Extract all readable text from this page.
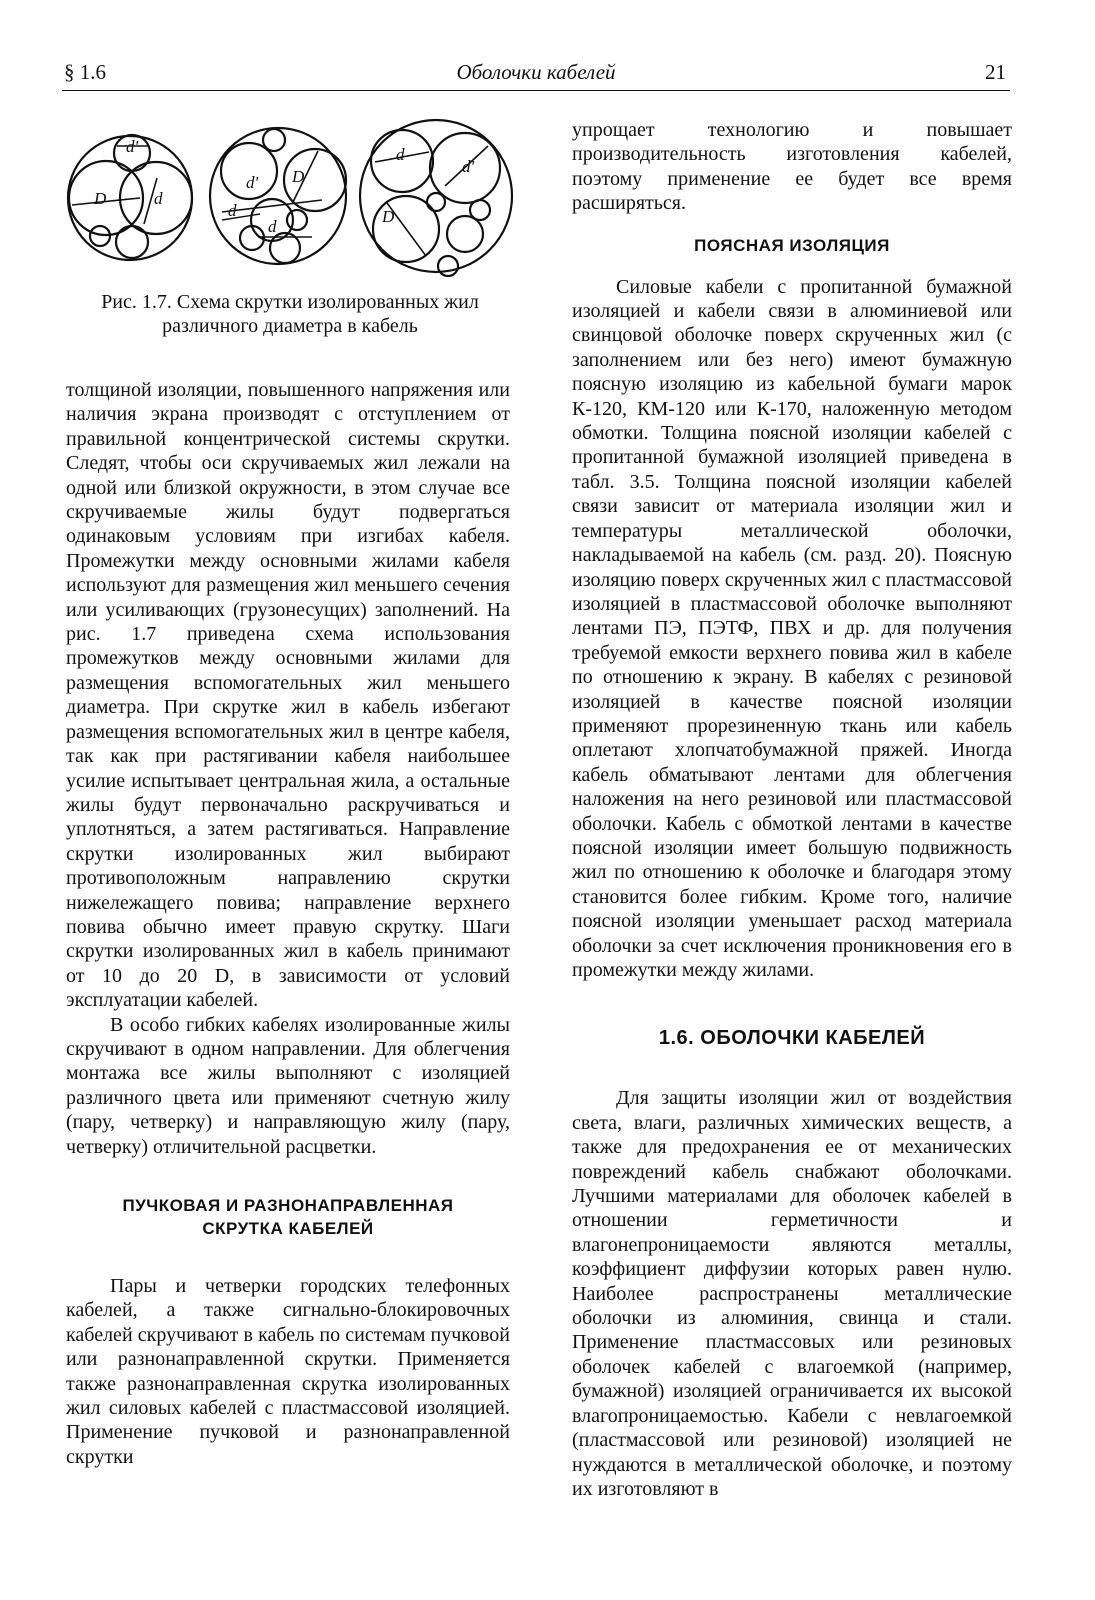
§ 1.6	Оболочки кабелей	21
d'
D	d
d
d' D
d
d
d'
D
Рис. 1.7. Схема скрутки изолированных жил
различного диаметра в кабель

толщиной изоляции, повышенного напряжения или наличия экрана производят с отступлением от правильной концентрической системы скрутки. Следят, чтобы оси скручиваемых жил лежали на одной или близкой окружности, в этом случае все скручиваемые жилы будут подвергаться одинаковым условиям при изгибах кабеля. Промежутки между основными жилами кабеля используют для размещения жил меньшего сечения или усиливающих (грузонесущих) заполнений. На рис. 1.7 приведена схема использования промежутков между основными жилами для размещения вспомогательных жил меньшего диаметра. При скрутке жил в кабель избегают размещения вспомогательных жил в центре кабеля, так как при растягивании кабеля наибольшее усилие испытывает центральная жила, а остальные жилы будут первоначально раскручиваться и уплотняться, а затем растягиваться. Направление скрутки изолированных жил выбирают противоположным направлению скрутки нижележащего повива; направление верхнего повива обычно имеет правую скрутку. Шаги скрутки изолированных жил в кабель принимают от 10 до 20 D, в зависимости от условий эксплуатации кабелей.

В особо гибких кабелях изолированные жилы скручивают в одном направлении. Для облегчения монтажа все жилы выполняют с изоляцией различного цвета или применяют счетную жилу (пару, четверку) и направляющую жилу (пару, четверку) отличительной расцветки.

ПУЧКОВАЯ И РАЗНОНАПРАВЛЕННАЯ
СКРУТКА КАБЕЛЕЙ

Пары и четверки городских телефонных кабелей, а также сигнально-блокировочных кабелей скручивают в кабель по системам пучковой или разнонаправленной скрутки. Применяется также разнонаправленная скрутка изолированных жил силовых кабелей с пластмассовой изоляцией. Применение пучковой и разнонаправленной скрутки

упрощает технологию и повышает производительность изготовления кабелей, поэтому применение ее будет все время расширяться.

ПОЯСНАЯ ИЗОЛЯЦИЯ

Силовые кабели с пропитанной бумажной изоляцией и кабели связи в алюминиевой или свинцовой оболочке поверх скрученных жил (с заполнением или без него) имеют бумажную поясную изоляцию из кабельной бумаги марок К-120, КМ-120 или К-170, наложенную методом обмотки. Толщина поясной изоляции кабелей с пропитанной бумажной изоляцией приведена в табл. 3.5. Толщина поясной изоляции кабелей связи зависит от материала изоляции жил и температуры металлической оболочки, накладываемой на кабель (см. разд. 20). Поясную изоляцию поверх скрученных жил с пластмассовой изоляцией в пластмассовой оболочке выполняют лентами ПЭ, ПЭТФ, ПВХ и др. для получения требуемой емкости верхнего повива жил в кабеле по отношению к экрану. В кабелях с резиновой изоляцией в качестве поясной изоляции применяют прорезиненную ткань или кабель оплетают хлопчатобумажной пряжей. Иногда кабель обматывают лентами для облегчения наложения на него резиновой или пластмассовой оболочки. Кабель с обмоткой лентами в качестве поясной изоляции имеет большую подвижность жил по отношению к оболочке и благодаря этому становится более гибким. Кроме того, наличие поясной изоляции уменьшает расход материала оболочки за счет исключения проникновения его в промежутки между жилами.

1.6. ОБОЛОЧКИ КАБЕЛЕЙ

Для защиты изоляции жил от воздействия света, влаги, различных химических веществ, а также для предохранения ее от механических повреждений кабель снабжают оболочками. Лучшими материалами для оболочек кабелей в отношении герметичности и влагонепроницаемости являются металлы, коэффициент диффузии которых равен нулю. Наиболее распространены металлические оболочки из алюминия, свинца и стали. Применение пластмассовых или резиновых оболочек кабелей с влагоемкой (например, бумажной) изоляцией ограничивается их высокой влагопроницаемостью. Кабели с невлагоемкой (пластмассовой или резиновой) изоляцией не нуждаются в металлической оболочке, и поэтому их изготовляют в
